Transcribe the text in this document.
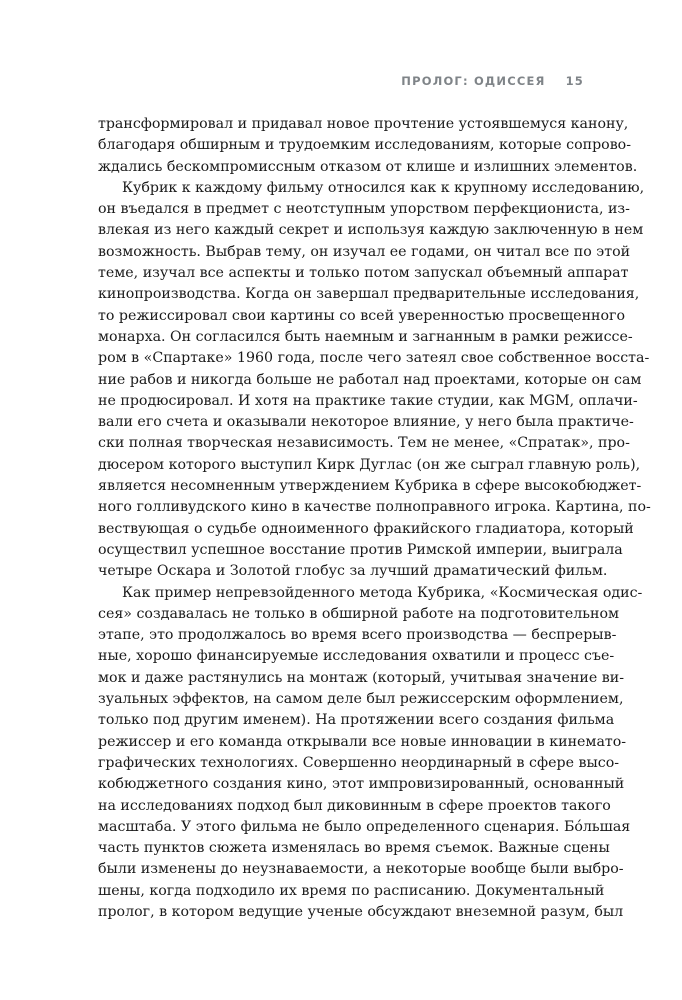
ПРОЛОГ: ОДИССЕЯ 15
трансформировал и придавал новое прочтение устоявшемуся канону,
благодаря обширным и трудоемким исследованиям, которые сопрово-
ждались бескомпромиссным отказом от клише и излишних элементов.
Кубрик к каждому фильму относился как к крупному исследованию,
он въедался в предмет с неотступным упорством перфекциониста, из-
влекая из него каждый секрет и используя каждую заключенную в нем
возможность. Выбрав тему, он изучал ее годами, он читал все по этой
теме, изучал все аспекты и только потом запускал объемный аппарат
кинопроизводства. Когда он завершал предварительные исследования,
то режиссировал свои картины со всей уверенностью просвещенного
монарха. Он согласился быть наемным и загнанным в рамки режиссе-
ром в «Спартаке» 1960 года, после чего затеял свое собственное восста-
ние рабов и никогда больше не работал над проектами, которые он сам
не продюсировал. И хотя на практике такие студии, как MGM, оплачи-
вали его счета и оказывали некоторое влияние, у него была практиче-
ски полная творческая независимость. Тем не менее, «Спратак», про-
дюсером которого выступил Кирк Дуглас (он же сыграл главную роль),
является несомненным утверждением Кубрика в сфере высокобюджет-
ного голливудского кино в качестве полноправного игрока. Картина, по-
вествующая о судьбе одноименного фракийского гладиатора, который
осуществил успешное восстание против Римской империи, выиграла
четыре Оскара и Золотой глобус за лучший драматический фильм.
Как пример непревзойденного метода Кубрика, «Космическая одис-
сея» создавалась не только в обширной работе на подготовительном
этапе, это продолжалось во время всего производства — беспрерыв-
ные, хорошо финансируемые исследования охватили и процесс съе-
мок и даже растянулись на монтаж (который, учитывая значение ви-
зуальных эффектов, на самом деле был режиссерским оформлением,
только под другим именем). На протяжении всего создания фильма
режиссер и его команда открывали все новые инновации в кинемато-
графических технологиях. Совершенно неординарный в сфере высо-
кобюджетного создания кино, этот импровизированный, основанный
на исследованиях подход был диковинным в сфере проектов такого
масштаба. У этого фильма не было определенного сценария. Бóльшая
часть пунктов сюжета изменялась во время съемок. Важные сцены
были изменены до неузнаваемости, а некоторые вообще были выбро-
шены, когда подходило их время по расписанию. Документальный
пролог, в котором ведущие ученые обсуждают внеземной разум, был
